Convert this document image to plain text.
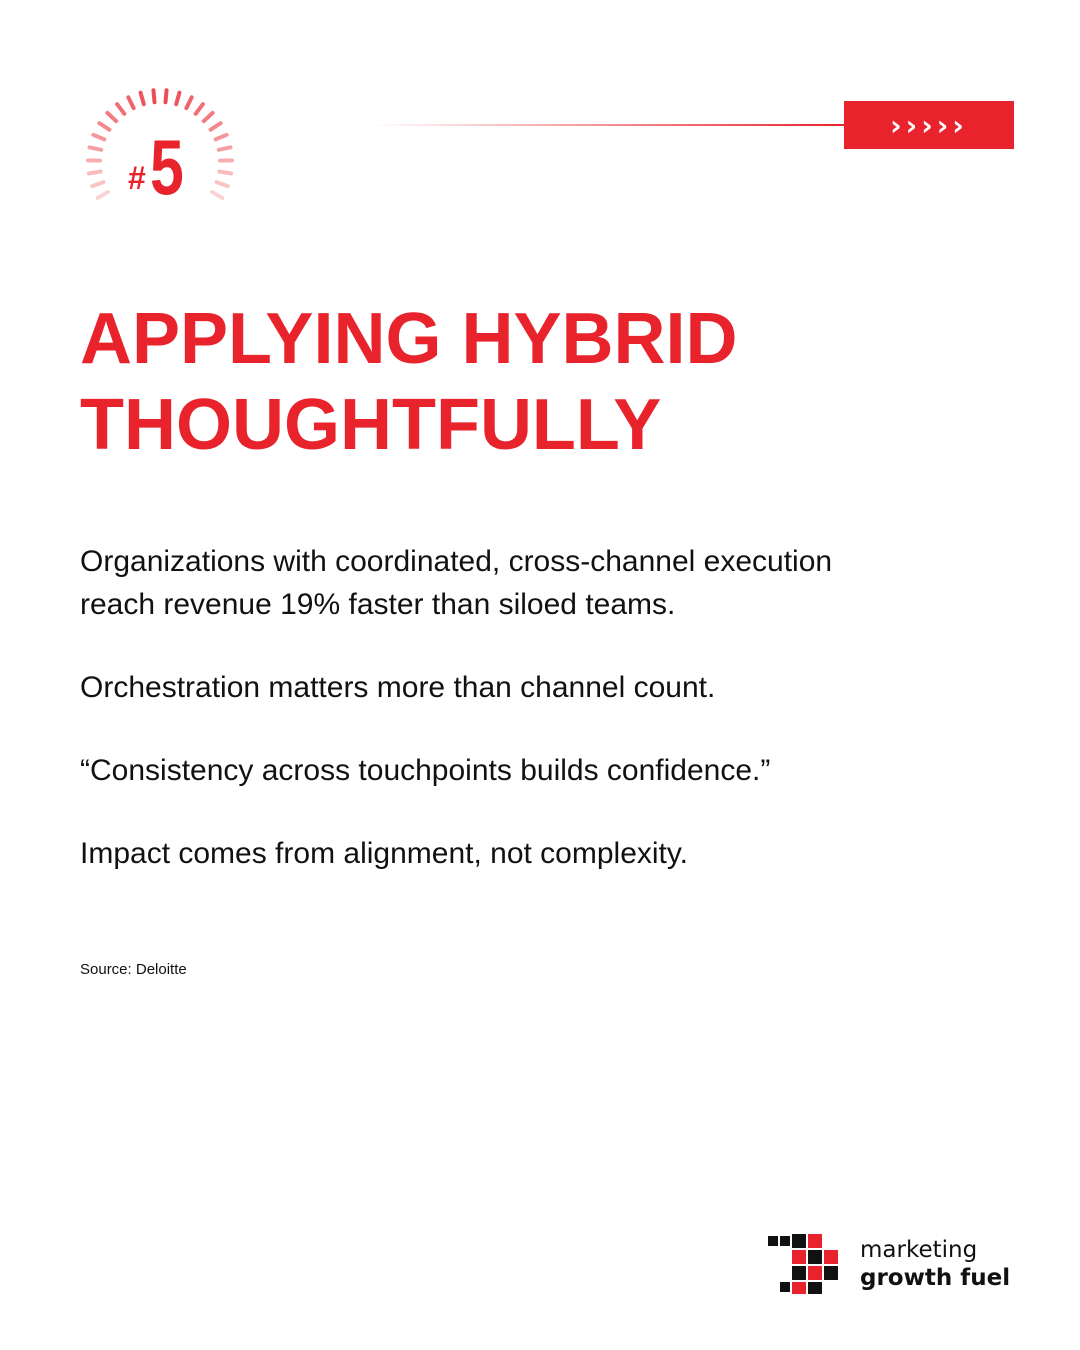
# 5	›››››
APPLYING HYBRID
THOUGHTFULLY

Organizations with coordinated, cross-channel execution
reach revenue 19% faster than siloed teams.

Orchestration matters more than channel count.

“Consistency across touchpoints builds confidence.”

Impact comes from alignment, not complexity.

Source: Deloitte
marketing
growth fuel
